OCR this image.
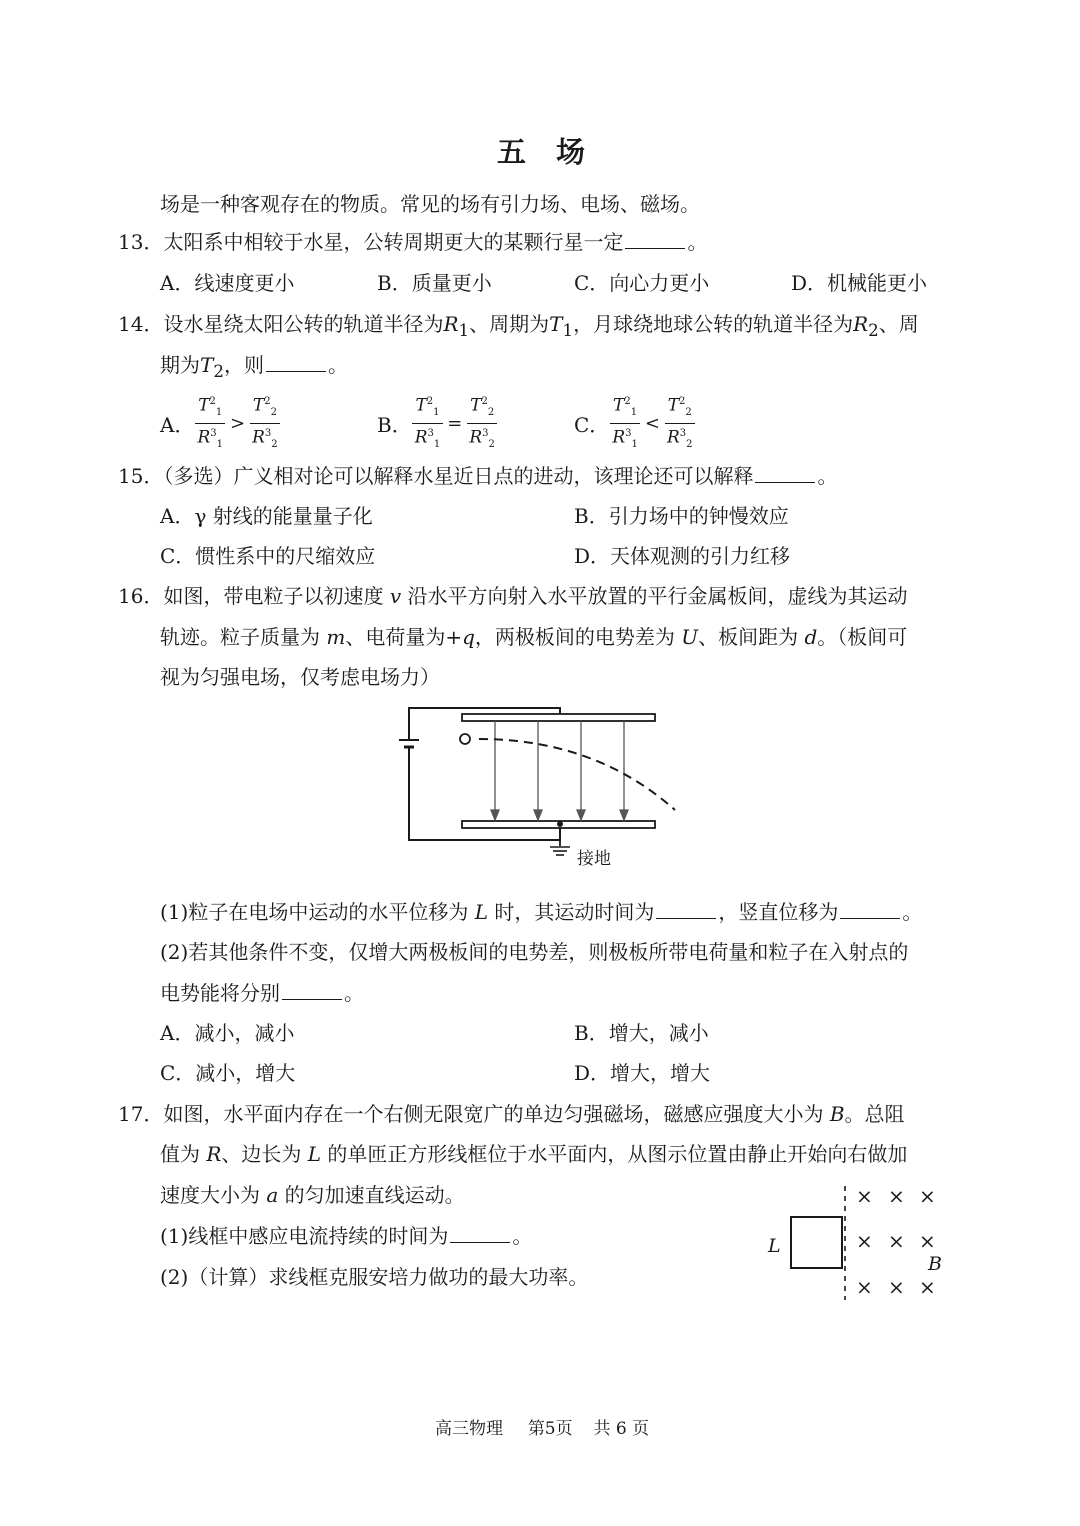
五场
场是一种客观存在的物质。常见的场有引力场、电场、磁场。
13．太阳系中相较于水星，公转周期更大的某颗行星一定	。
A．线速度更小	B．质量更小	C．向心力更小	D．机械能更小
14．设水星绕太阳公转的轨道半径为$R_1$、周期为$T_1$，月球绕地球公转的轨道半径为$R_2$、周
期为$T_2$，则	。
A． $\frac{T^2_1}{R^3_1} > \frac{T^2_2}{R^3_2}$	B． $\frac{T^2_1}{R^3_1} = \frac{T^2_2}{R^3_2}$	C． $\frac{T^2_1}{R^3_1} < \frac{T^2_2}{R^3_2}$
15．（多选）广义相对论可以解释水星近日点的进动，该理论还可以解释	。
A．γ 射线的能量量子化	B．引力场中的钟慢效应
C．惯性系中的尺缩效应	D．天体观测的引力红移
16．如图，带电粒子以初速度 v 沿水平方向射入水平放置的平行金属板间，虚线为其运动
轨迹。粒子质量为 m、电荷量为+q，两极板间的电势差为 U、板间距为 d。（板间可
视为匀强电场，仅考虑电场力）
接地
(1)粒子在电场中运动的水平位移为 L 时，其运动时间为	，竖直位移为	。
(2)若其他条件不变，仅增大两极板间的电势差，则极板所带电荷量和粒子在入射点的
电势能将分别	。
A．减小，减小	B．增大，减小
C．减小，增大	D．增大，增大
17．如图，水平面内存在一个右侧无限宽广的单边匀强磁场，磁感应强度大小为 B。总阻
值为 R、边长为 L 的单匝正方形线框位于水平面内，从图示位置由静止开始向右做加
速度大小为 a 的匀加速直线运动。
(1)线框中感应电流持续的时间为	。
(2)（计算）求线框克服安培力做功的最大功率。
L
× × ×
× × ×
× × ×
B
高三物理 第5页 共 6 页
